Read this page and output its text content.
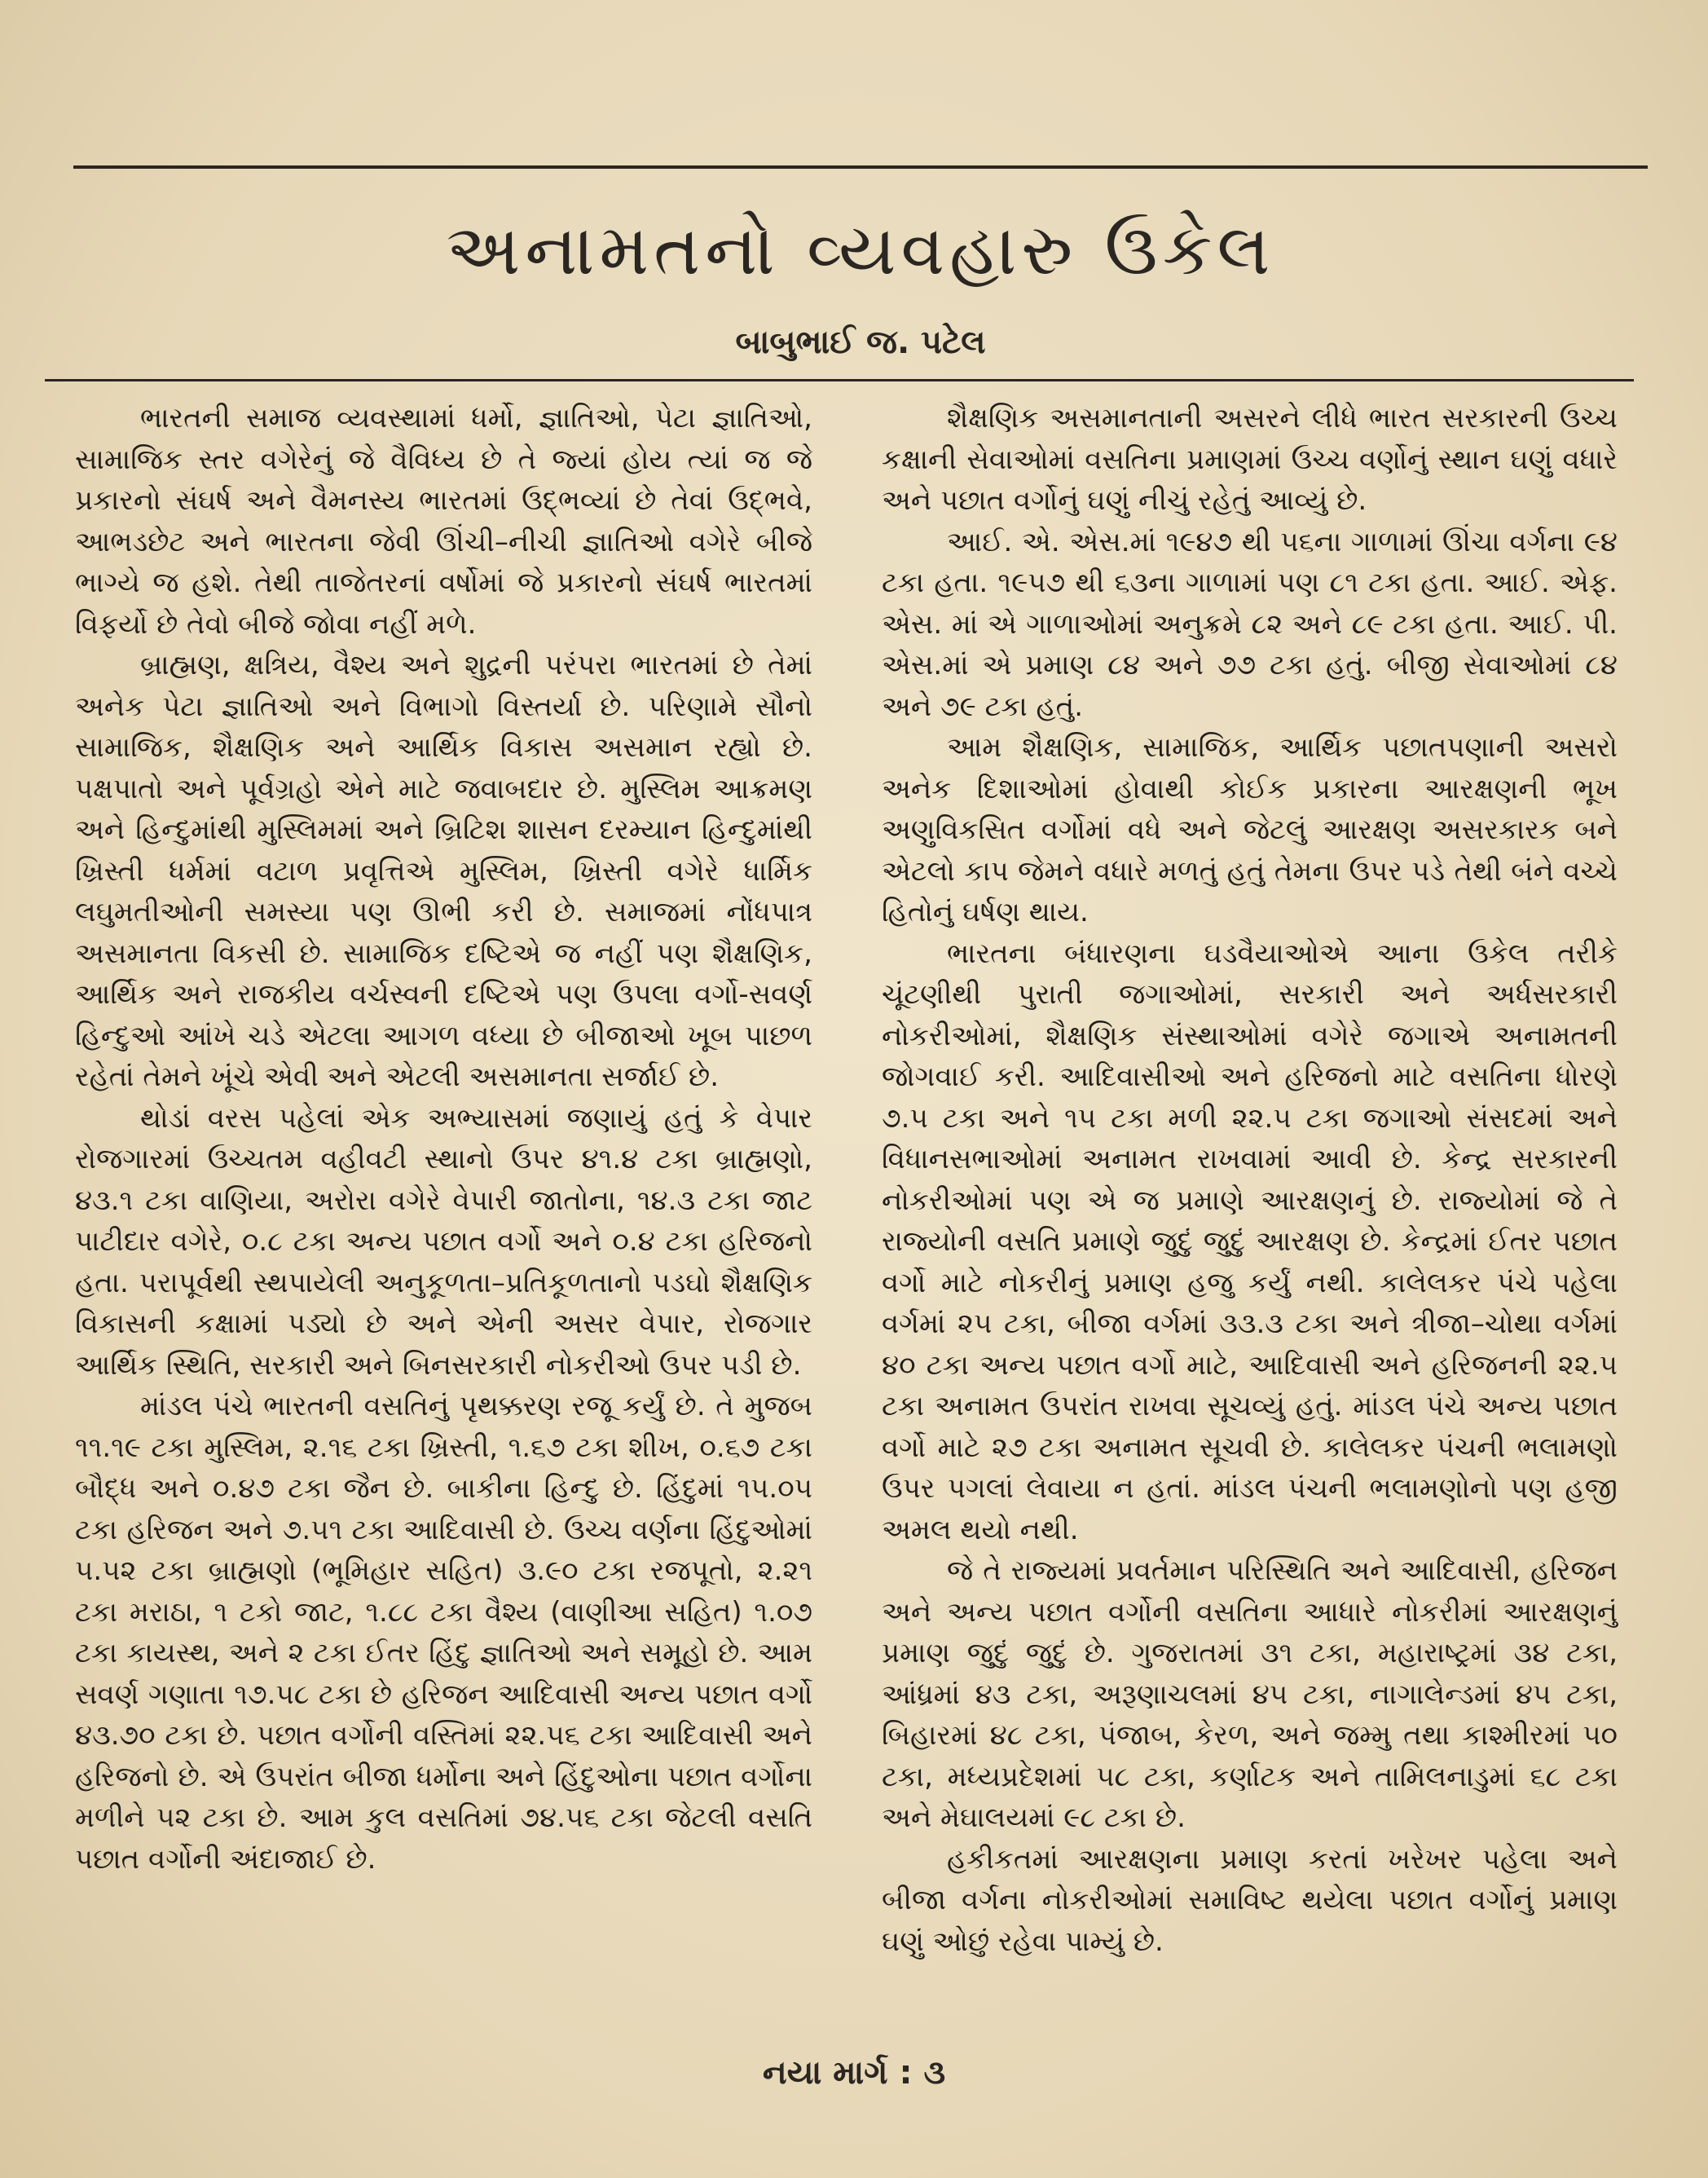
અનામતનો વ્યવહારુ ઉકેલ
બાબુભાઈ જ. પટેલ

ભારતની સમાજ વ્યવસ્થામાં ધર્મો, જ્ઞાતિઓ, પેટા જ્ઞાતિઓ, સામાજિક સ્તર વગેરેનું જે વૈવિધ્ય છે તે જ્યાં હોય ત્યાં જ જે પ્રકારનો સંઘર્ષ અને વૈમનસ્ય ભારતમાં ઉદ્ભવ્યાં છે તેવાં ઉદ્ભવે, આભડછેટ અને ભારતના જેવી ઊંચી–નીચી જ્ઞાતિઓ વગેરે બીજે ભાગ્યે જ હશે. તેથી તાજેતરનાં વર્ષોમાં જે પ્રકારનો સંઘર્ષ ભારતમાં વિફર્યો છે તેવો બીજે જોવા નહીં મળે.

બ્રાહ્મણ, ક્ષત્રિય, વૈશ્ય અને શુદ્રની પરંપરા ભારતમાં છે તેમાં અનેક પેટા જ્ઞાતિઓ અને વિભાગો વિસ્તર્યા છે. પરિણામે સૌનો સામાજિક, શૈક્ષણિક અને આર્થિક વિકાસ અસમાન રહ્યો છે. પક્ષપાતો અને પૂર્વગ્રહો એને માટે જવાબદાર છે. મુસ્લિમ આક્રમણ અને હિન્દુમાંથી મુસ્લિમમાં અને બ્રિટિશ શાસન દરમ્યાન હિન્દુમાંથી ખ્રિસ્તી ધર્મમાં વટાળ પ્રવૃત્તિએ મુસ્લિમ, ખ્રિસ્તી વગેરે ધાર્મિક લઘુમતીઓની સમસ્યા પણ ઊભી કરી છે. સમાજમાં નોંધપાત્ર અસમાનતા વિકસી છે. સામાજિક દષ્ટિએ જ નહીં પણ શૈક્ષણિક, આર્થિક અને રાજકીય વર્ચસ્વની દષ્ટિએ પણ ઉપલા વર્ગો-સવર્ણ હિન્દુઓ આંખે ચડે એટલા આગળ વધ્યા છે બીજાઓ ખૂબ પાછળ રહેતાં તેમને ખૂંચે એવી અને એટલી અસમાનતા સર્જાઈ છે.

થોડાં વરસ પહેલાં એક અભ્યાસમાં જણાયું હતું કે વેપાર રોજગારમાં ઉચ્ચતમ વહીવટી સ્થાનો ઉપર ૪૧.૪ ટકા બ્રાહ્મણો, ૪૩.૧ ટકા વાણિયા, અરોરા વગેરે વેપારી જાતોના, ૧૪.૩ ટકા જાટ પાટીદાર વગેરે, ૦.૮ ટકા અન્ય પછાત વર્ગો અને ૦.૪ ટકા હરિજનો હતા. પરાપૂર્વથી સ્થપાયેલી અનુકૂળતા–પ્રતિકૂળતાનો પડઘો શૈક્ષણિક વિકાસની કક્ષામાં પડ્યો છે અને એની અસર વેપાર, રોજગાર આર્થિક સ્થિતિ, સરકારી અને બિનસરકારી નોકરીઓ ઉપર પડી છે.

માંડલ પંચે ભારતની વસતિનું પૃથક્કરણ રજૂ કર્યું છે. તે મુજબ ૧૧.૧૯ ટકા મુસ્લિમ, ૨.૧૬ ટકા ખ્રિસ્તી, ૧.૬૭ ટકા શીખ, ૦.૬૭ ટકા બૌદ્ધ અને ૦.૪૭ ટકા જૈન છે. બાકીના હિન્દુ છે. હિંદુમાં ૧૫.૦૫ ટકા હરિજન અને ૭.૫૧ ટકા આદિવાસી છે. ઉચ્ચ વર્ણના હિંદુઓમાં ૫.૫૨ ટકા બ્રાહ્મણો (ભૂમિહાર સહિત) ૩.૯૦ ટકા રજપૂતો, ૨.૨૧ ટકા મરાઠા, ૧ ટકો જાટ, ૧.૮૮ ટકા વૈશ્ય (વાણીઆ સહિત) ૧.૦૭ ટકા કાયસ્થ, અને ૨ ટકા ઈતર હિંદુ જ્ઞાતિઓ અને સમૂહો છે. આમ સવર્ણ ગણાતા ૧૭.૫૮ ટકા છે હરિજન આદિવાસી અન્ય પછાત વર્ગો ૪૩.૭૦ ટકા છે. પછાત વર્ગોની વસ્તિમાં ૨૨.૫૬ ટકા આદિવાસી અને હરિજનો છે. એ ઉપરાંત બીજા ધર્મોના અને હિંદુઓના પછાત વર્ગોના મળીને ૫૨ ટકા છે. આમ કુલ વસતિમાં ૭૪.૫૬ ટકા જેટલી વસતિ પછાત વર્ગોની અંદાજાઈ છે.

શૈક્ષણિક અસમાનતાની અસરને લીધે ભારત સરકારની ઉચ્ચ કક્ષાની સેવાઓમાં વસતિના પ્રમાણમાં ઉચ્ચ વર્ણોનું સ્થાન ઘણું વધારે અને પછાત વર્ગોનું ઘણું નીચું રહેતું આવ્યું છે.

આઈ. એ. એસ.માં ૧૯૪૭ થી ૫૬ના ગાળામાં ઊંચા વર્ગના ૯૪ ટકા હતા. ૧૯૫૭ થી ૬૩ના ગાળામાં પણ ૮૧ ટકા હતા. આઈ. એફ. એસ. માં એ ગાળાઓમાં અનુક્રમે ૮૨ અને ૮૯ ટકા હતા. આઈ. પી. એસ.માં એ પ્રમાણ ૮૪ અને ૭૭ ટકા હતું. બીજી સેવાઓમાં ૮૪ અને ૭૯ ટકા હતું.

આમ શૈક્ષણિક, સામાજિક, આર્થિક પછાતપણાની અસરો અનેક દિશાઓમાં હોવાથી કોઈક પ્રકારના આરક્ષણની ભૂખ અણુવિકસિત વર્ગોમાં વધે અને જેટલું આરક્ષણ અસરકારક બને એટલો કાપ જેમને વધારે મળતું હતું તેમના ઉપર પડે તેથી બંને વચ્ચે હિતોનું ઘર્ષણ થાય.

ભારતના બંધારણના ઘડવૈયાઓએ આના ઉકેલ તરીકે ચૂંટણીથી પુરાતી જગાઓમાં, સરકારી અને અર્ધસરકારી નોકરીઓમાં, શૈક્ષણિક સંસ્થાઓમાં વગેરે જગાએ અનામતની જોગવાઈ કરી. આદિવાસીઓ અને હરિજનો માટે વસતિના ધોરણે ૭.૫ ટકા અને ૧૫ ટકા મળી ૨૨.૫ ટકા જગાઓ સંસદમાં અને વિધાનસભાઓમાં અનામત રાખવામાં આવી છે. કેન્દ્ર સરકારની નોકરીઓમાં પણ એ જ પ્રમાણે આરક્ષણનું છે. રાજ્યોમાં જે તે રાજ્યોની વસતિ પ્રમાણે જુદું જુદું આરક્ષણ છે. કેન્દ્રમાં ઈતર પછાત વર્ગો માટે નોકરીનું પ્રમાણ હજુ કર્યું નથી. કાલેલકર પંચે પહેલા વર્ગમાં ૨૫ ટકા, બીજા વર્ગમાં ૩૩.૩ ટકા અને ત્રીજા–ચોથા વર્ગમાં ૪૦ ટકા અન્ય પછાત વર્ગો માટે, આદિવાસી અને હરિજનની ૨૨.૫ ટકા અનામત ઉપરાંત રાખવા સૂચવ્યું હતું. માંડલ પંચે અન્ય પછાત વર્ગો માટે ૨૭ ટકા અનામત સૂચવી છે. કાલેલકર પંચની ભલામણો ઉપર પગલાં લેવાયા ન હતાં. માંડલ પંચની ભલામણોનો પણ હજી અમલ થયો નથી.

જે તે રાજ્યમાં પ્રવર્તમાન પરિસ્થિતિ અને આદિવાસી, હરિજન અને અન્ય પછાત વર્ગોની વસતિના આધારે નોકરીમાં આરક્ષણનું પ્રમાણ જુદું જુદું છે. ગુજરાતમાં ૩૧ ટકા, મહારાષ્ટ્રમાં ૩૪ ટકા, આંધ્રમાં ૪૩ ટકા, અરૂણાચલમાં ૪૫ ટકા, નાગાલેન્ડમાં ૪૫ ટકા, બિહારમાં ૪૮ ટકા, પંજાબ, કેરળ, અને જમ્મુ તથા કાશ્મીરમાં ૫૦ ટકા, મધ્યપ્રદેશમાં ૫૮ ટકા, કર્ણાટક અને તામિલનાડુમાં ૬૮ ટકા અને મેઘાલયમાં ૯૮ ટકા છે.

હકીકતમાં આરક્ષણના પ્રમાણ કરતાં ખરેખર પહેલા અને બીજા વર્ગના નોકરીઓમાં સમાવિષ્ટ થયેલા પછાત વર્ગોનું પ્રમાણ ઘણું ઓછું રહેવા પામ્યું છે.

નયા માર્ગ : ૩
